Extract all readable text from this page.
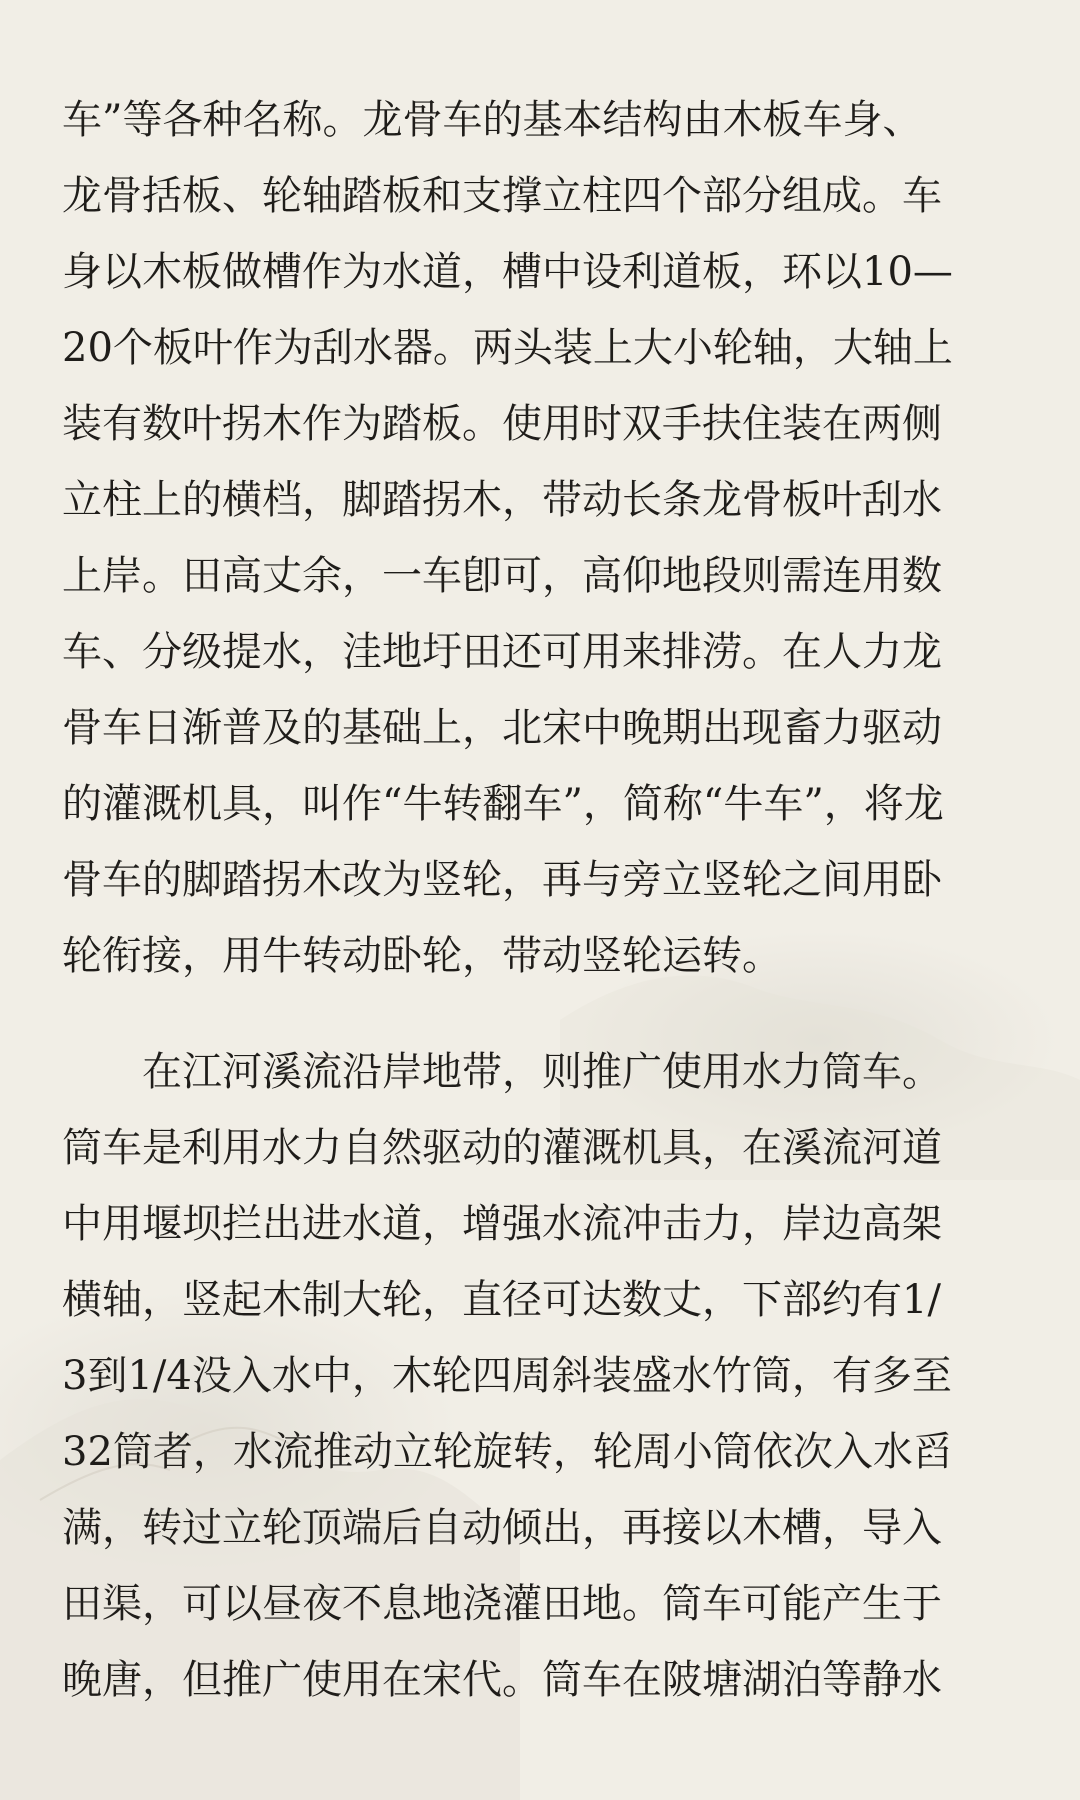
车”等各种名称。龙骨车的基本结构由木板车身、
龙骨括板、轮轴踏板和支撑立柱四个部分组成。车
身以木板做槽作为水道，槽中设利道板，环以10—
20个板叶作为刮水器。两头装上大小轮轴，大轴上
装有数叶拐木作为踏板。使用时双手扶住装在两侧
立柱上的横档，脚踏拐木，带动长条龙骨板叶刮水
上岸。田高丈余，一车卽可，高仰地段则需连用数
车、分级提水，洼地圩田还可用来排涝。在人力龙
骨车日渐普及的基础上，北宋中晚期出现畜力驱动
的灌溉机具，叫作“牛转翻车”，简称“牛车”，将龙
骨车的脚踏拐木改为竖轮，再与旁立竖轮之间用卧
轮衔接，用牛转动卧轮，带动竖轮运转。

　　在江河溪流沿岸地带，则推广使用水力筒车。
筒车是利用水力自然驱动的灌溉机具，在溪流河道
中用堰坝拦出进水道，增强水流冲击力，岸边高架
横轴，竖起木制大轮，直径可达数丈，下部约有1/
3到1/4没入水中，木轮四周斜装盛水竹筒，有多至
32筒者，水流推动立轮旋转，轮周小筒依次入水舀
满，转过立轮顶端后自动倾出，再接以木槽，导入
田渠，可以昼夜不息地浇灌田地。筒车可能产生于
晚唐，但推广使用在宋代。筒车在陂塘湖泊等静水
